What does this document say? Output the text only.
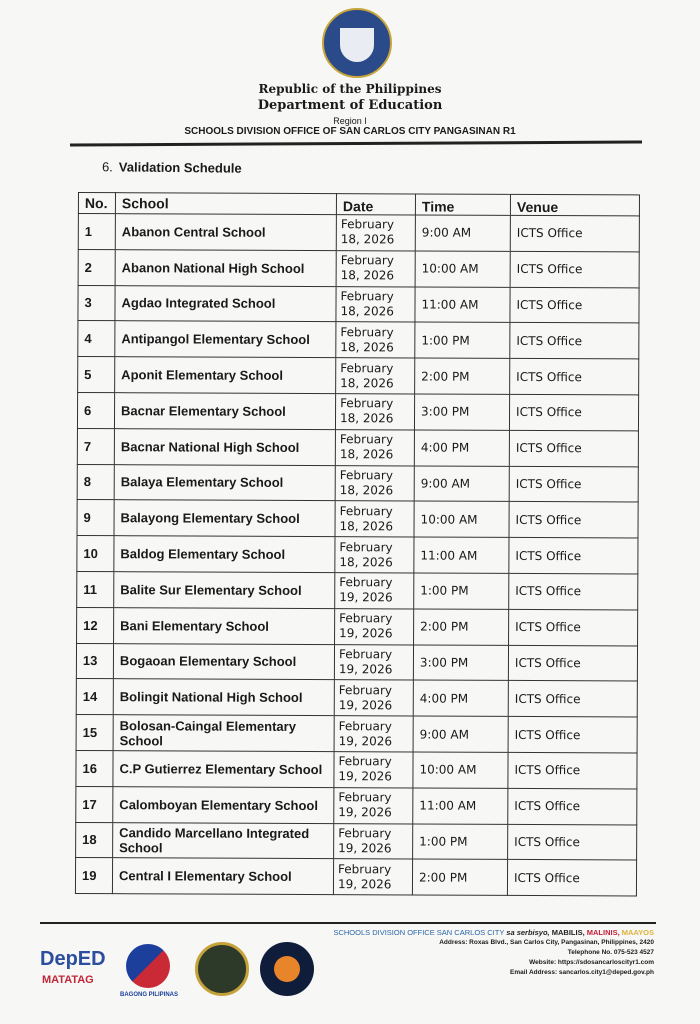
Republic of the Philippines
Department of Education
Region I
SCHOOLS DIVISION OFFICE OF SAN CARLOS CITY PANGASINAN R1
6. Validation Schedule
No.	School	Date	Time	Venue
1	Abanon Central School	February 18, 2026	9:00 AM	ICTS Office
2	Abanon National High School	February 18, 2026	10:00 AM	ICTS Office
3	Agdao Integrated School	February 18, 2026	11:00 AM	ICTS Office
4	Antipangol Elementary School	February 18, 2026	1:00 PM	ICTS Office
5	Aponit Elementary School	February 18, 2026	2:00 PM	ICTS Office
6	Bacnar Elementary School	February 18, 2026	3:00 PM	ICTS Office
7	Bacnar National High School	February 18, 2026	4:00 PM	ICTS Office
8	Balaya Elementary School	February 18, 2026	9:00 AM	ICTS Office
9	Balayong Elementary School	February 18, 2026	10:00 AM	ICTS Office
10	Baldog Elementary School	February 18, 2026	11:00 AM	ICTS Office
11	Balite Sur Elementary School	February 19, 2026	1:00 PM	ICTS Office
12	Bani Elementary School	February 19, 2026	2:00 PM	ICTS Office
13	Bogaoan Elementary School	February 19, 2026	3:00 PM	ICTS Office
14	Bolingit National High School	February 19, 2026	4:00 PM	ICTS Office
15	Bolosan-Caingal Elementary School	February 19, 2026	9:00 AM	ICTS Office
16	C.P Gutierrez Elementary School	February 19, 2026	10:00 AM	ICTS Office
17	Calomboyan Elementary School	February 19, 2026	11:00 AM	ICTS Office
18	Candido Marcellano Integrated School	February 19, 2026	1:00 PM	ICTS Office
19	Central I Elementary School	February 19, 2026	2:00 PM	ICTS Office
DepED
MATATAG
BAGONG PILIPINAS
SCHOOLS DIVISION OFFICE SAN CARLOS CITY sa serbisyo, MABILIS, MALINIS, MAAYOS
Address: Roxas Blvd., San Carlos City, Pangasinan, Philippines, 2420
Telephone No. 075-523 4527
Website: https://sdosancarloscityr1.com
Email Address: sancarlos.city1@deped.gov.ph
